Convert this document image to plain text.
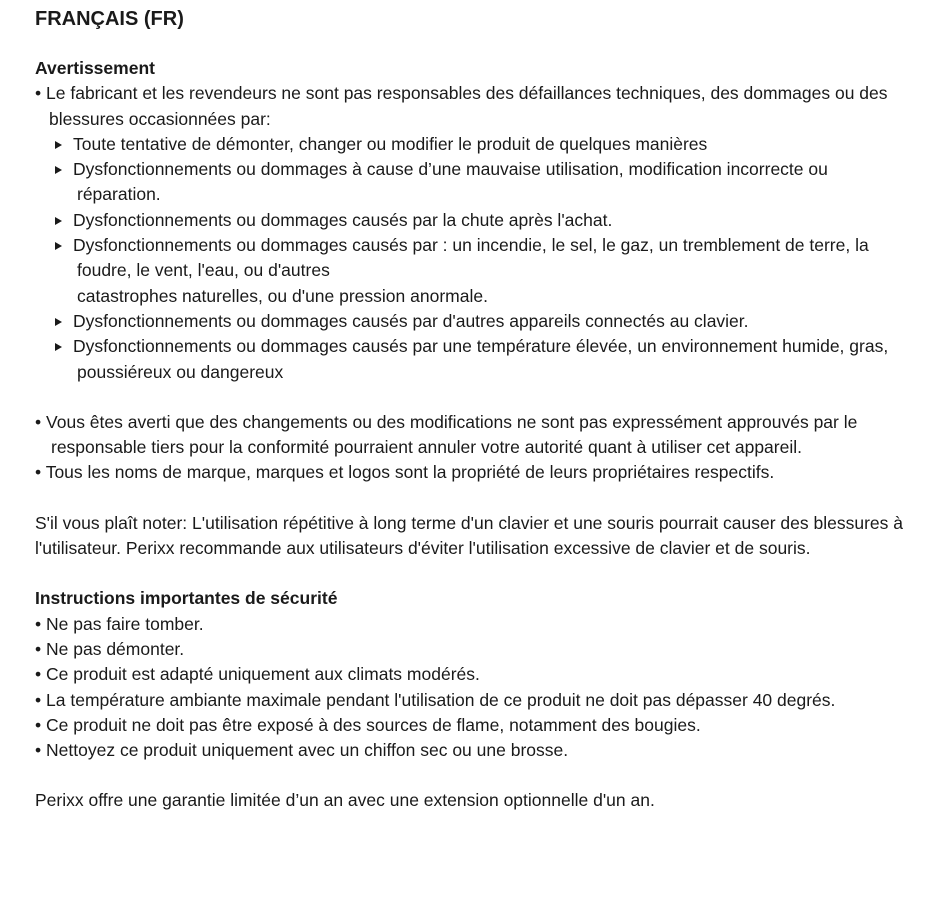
FRANÇAIS (FR)

Avertissement

• Le fabricant et les revendeurs ne sont pas responsables des défaillances techniques, des dommages ou des blessures occasionnées par:

Toute tentative de démonter, changer ou modifier le produit de quelques manières

Dysfonctionnements ou dommages à cause d’une mauvaise utilisation, modification incorrecte ou réparation.

Dysfonctionnements ou dommages causés par la chute après l'achat.

Dysfonctionnements ou dommages causés par : un incendie, le sel, le gaz, un tremblement de terre, la foudre, le vent, l'eau, ou d'autres
catastrophes naturelles, ou d'une pression anormale.

Dysfonctionnements ou dommages causés par d'autres appareils connectés au clavier.

Dysfonctionnements ou dommages causés par une température élevée, un environnement humide, gras, poussiéreux ou dangereux

• Vous êtes averti que des changements ou des modifications ne sont pas expressément approuvés par le responsable tiers pour la conformité pourraient annuler votre autorité quant à utiliser cet appareil.

• Tous les noms de marque, marques et logos sont la propriété de leurs propriétaires respectifs.

S'il vous plaît noter: L'utilisation répétitive à long terme d'un clavier et une souris pourrait causer des blessures à l'utilisateur. Perixx recommande aux utilisateurs d'éviter l'utilisation excessive de clavier et de souris.

Instructions importantes de sécurité

• Ne pas faire tomber.

• Ne pas démonter.

• Ce produit est adapté uniquement aux climats modérés.

• La température ambiante maximale pendant l'utilisation de ce produit ne doit pas dépasser 40 degrés.

• Ce produit ne doit pas être exposé à des sources de flame, notamment des bougies.

• Nettoyez ce produit uniquement avec un chiffon sec ou une brosse.

Perixx offre une garantie limitée d’un an avec une extension optionnelle d'un an.
